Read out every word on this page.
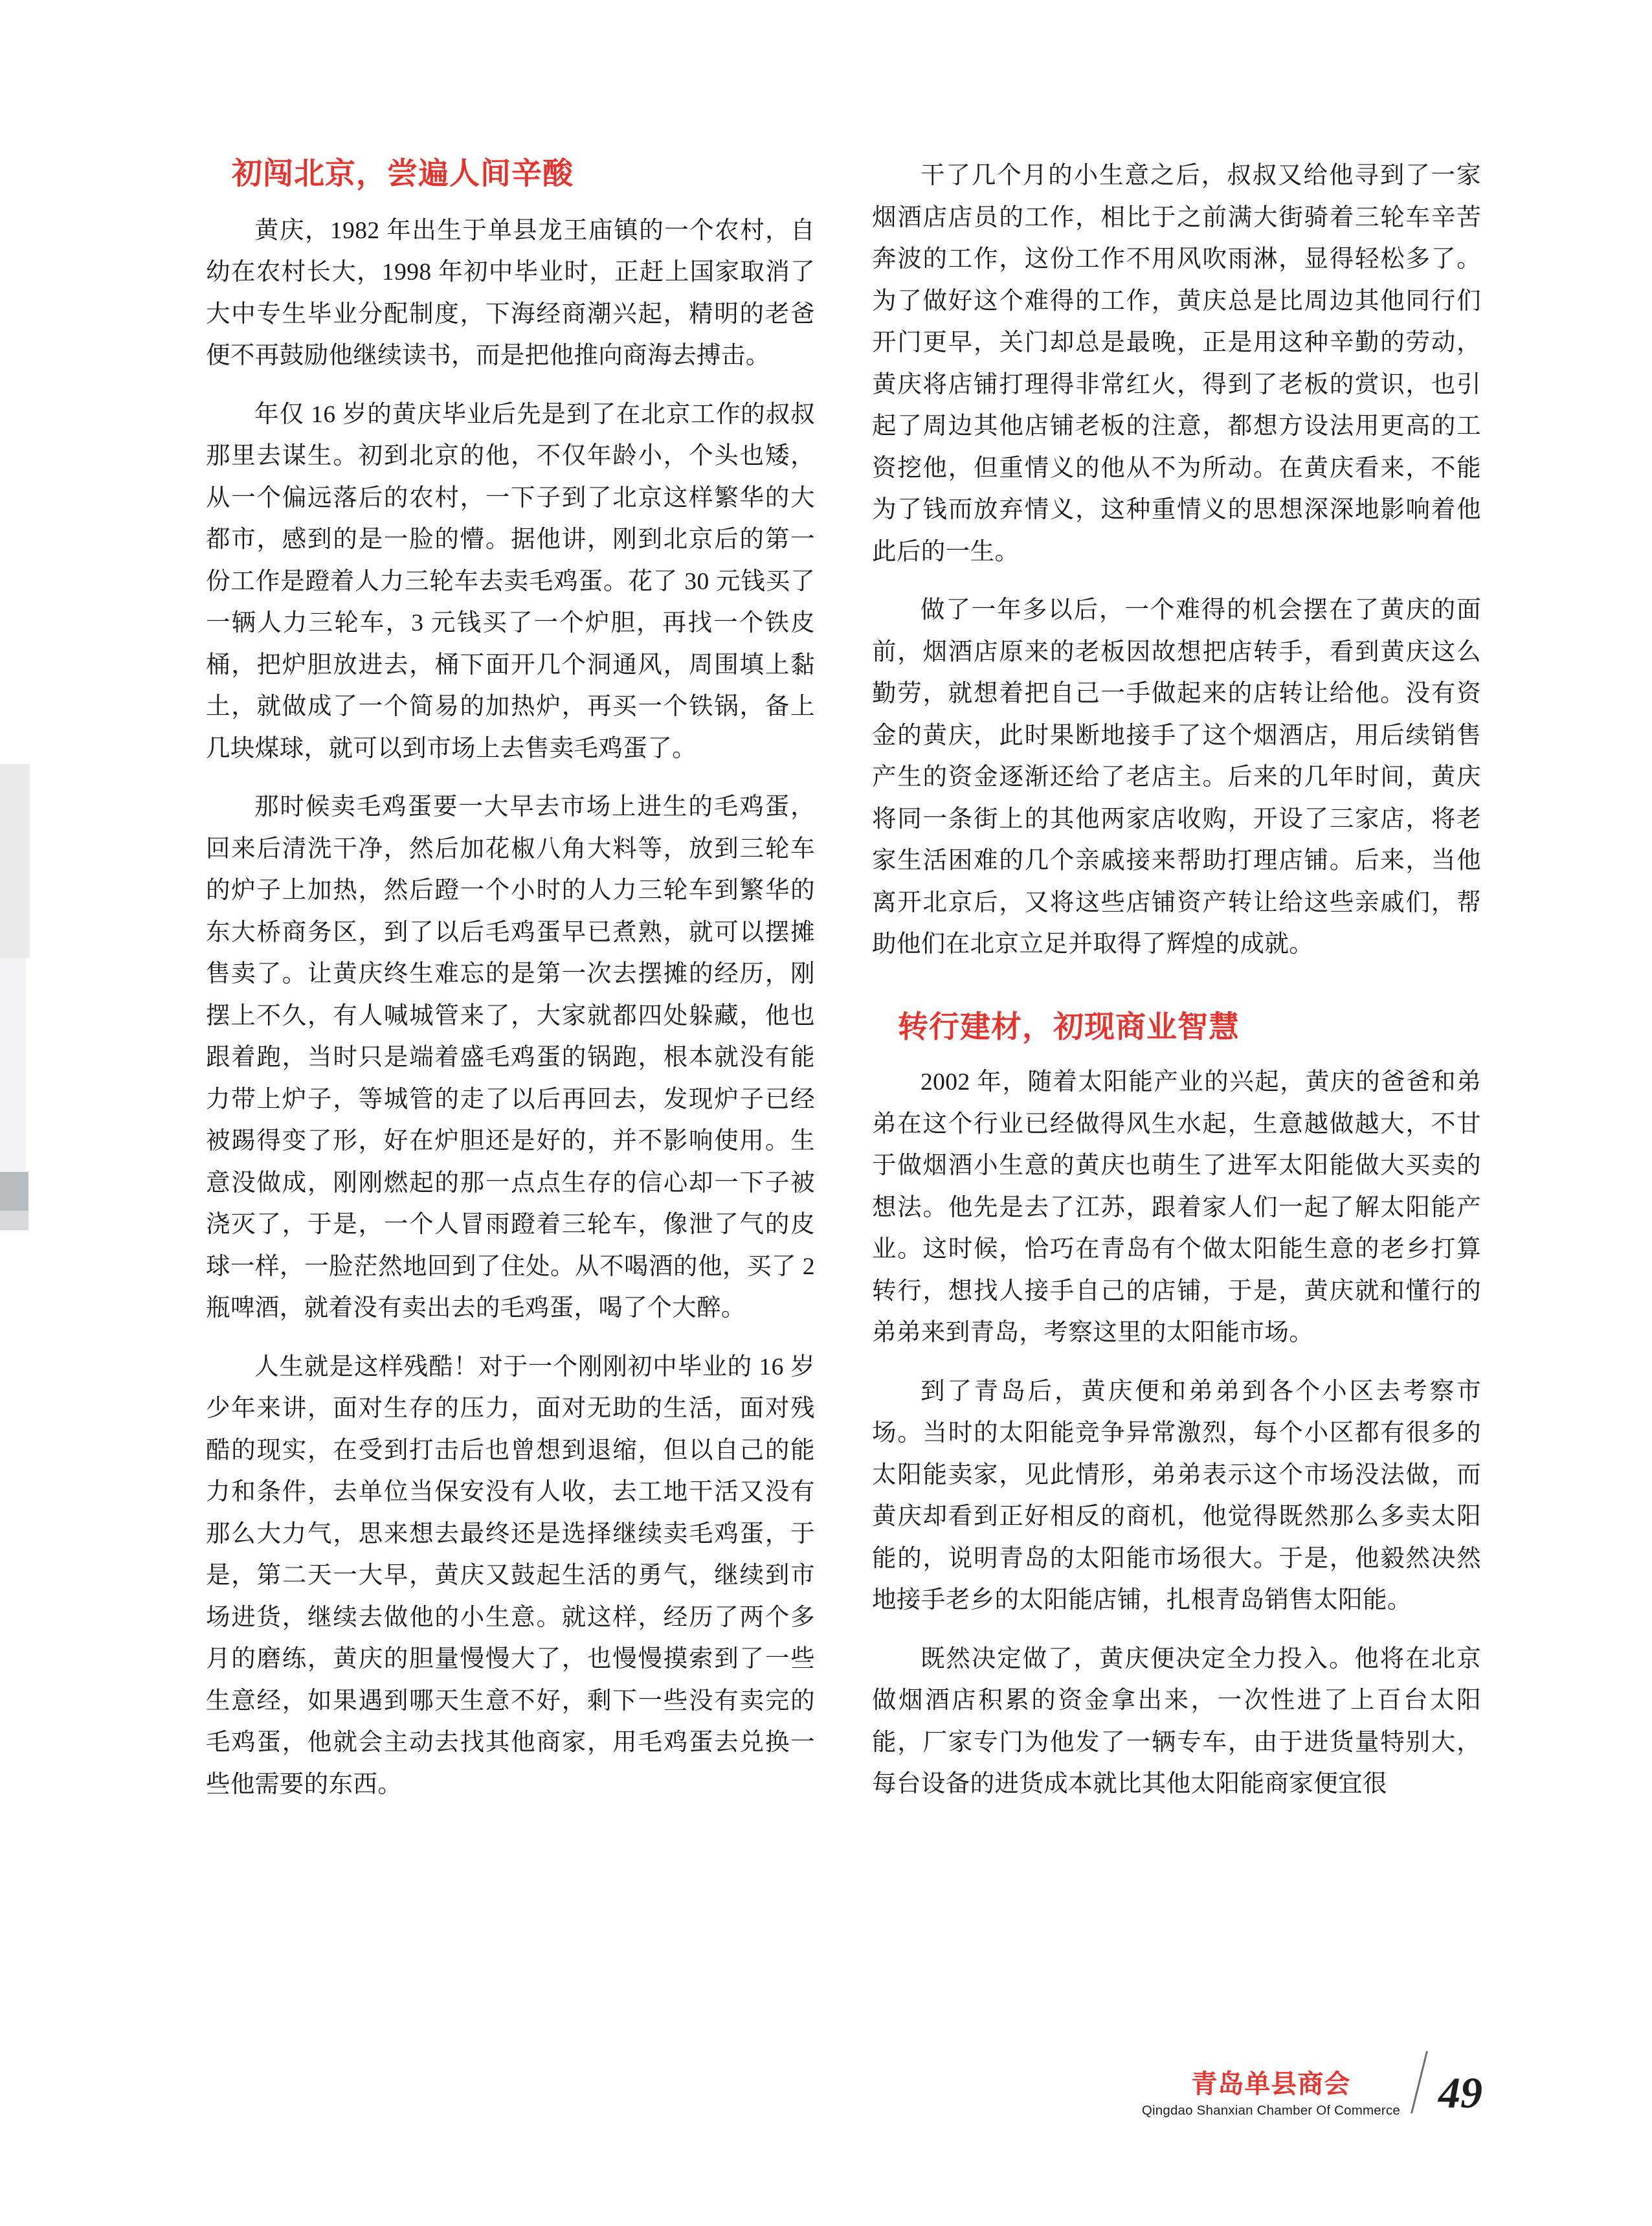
初闯北京，尝遍人间辛酸

黄庆，1982 年出生于单县龙王庙镇的一个农村，自幼在农村长大，1998 年初中毕业时，正赶上国家取消了大中专生毕业分配制度，下海经商潮兴起，精明的老爸便不再鼓励他继续读书，而是把他推向商海去搏击。

年仅 16 岁的黄庆毕业后先是到了在北京工作的叔叔那里去谋生。初到北京的他，不仅年龄小，个头也矮，从一个偏远落后的农村，一下子到了北京这样繁华的大都市，感到的是一脸的懵。据他讲，刚到北京后的第一份工作是蹬着人力三轮车去卖毛鸡蛋。花了 30 元钱买了一辆人力三轮车，3 元钱买了一个炉胆，再找一个铁皮桶，把炉胆放进去，桶下面开几个洞通风，周围填上黏土，就做成了一个简易的加热炉，再买一个铁锅，备上几块煤球，就可以到市场上去售卖毛鸡蛋了。

那时候卖毛鸡蛋要一大早去市场上进生的毛鸡蛋，回来后清洗干净，然后加花椒八角大料等，放到三轮车的炉子上加热，然后蹬一个小时的人力三轮车到繁华的东大桥商务区，到了以后毛鸡蛋早已煮熟，就可以摆摊售卖了。让黄庆终生难忘的是第一次去摆摊的经历，刚摆上不久，有人喊城管来了，大家就都四处躲藏，他也跟着跑，当时只是端着盛毛鸡蛋的锅跑，根本就没有能力带上炉子，等城管的走了以后再回去，发现炉子已经被踢得变了形，好在炉胆还是好的，并不影响使用。生意没做成，刚刚燃起的那一点点生存的信心却一下子被浇灭了，于是，一个人冒雨蹬着三轮车，像泄了气的皮球一样，一脸茫然地回到了住处。从不喝酒的他，买了 2 瓶啤酒，就着没有卖出去的毛鸡蛋，喝了个大醉。

人生就是这样残酷！对于一个刚刚初中毕业的 16 岁少年来讲，面对生存的压力，面对无助的生活，面对残酷的现实，在受到打击后也曾想到退缩，但以自己的能力和条件，去单位当保安没有人收，去工地干活又没有那么大力气，思来想去最终还是选择继续卖毛鸡蛋，于是，第二天一大早，黄庆又鼓起生活的勇气，继续到市场进货，继续去做他的小生意。就这样，经历了两个多月的磨练，黄庆的胆量慢慢大了，也慢慢摸索到了一些生意经，如果遇到哪天生意不好，剩下一些没有卖完的毛鸡蛋，他就会主动去找其他商家，用毛鸡蛋去兑换一些他需要的东西。

干了几个月的小生意之后，叔叔又给他寻到了一家烟酒店店员的工作，相比于之前满大街骑着三轮车辛苦奔波的工作，这份工作不用风吹雨淋，显得轻松多了。为了做好这个难得的工作，黄庆总是比周边其他同行们开门更早，关门却总是最晚，正是用这种辛勤的劳动，黄庆将店铺打理得非常红火，得到了老板的赏识，也引起了周边其他店铺老板的注意，都想方设法用更高的工资挖他，但重情义的他从不为所动。在黄庆看来，不能为了钱而放弃情义，这种重情义的思想深深地影响着他此后的一生。

做了一年多以后，一个难得的机会摆在了黄庆的面前，烟酒店原来的老板因故想把店转手，看到黄庆这么勤劳，就想着把自己一手做起来的店转让给他。没有资金的黄庆，此时果断地接手了这个烟酒店，用后续销售产生的资金逐渐还给了老店主。后来的几年时间，黄庆将同一条街上的其他两家店收购，开设了三家店，将老家生活困难的几个亲戚接来帮助打理店铺。后来，当他离开北京后，又将这些店铺资产转让给这些亲戚们，帮助他们在北京立足并取得了辉煌的成就。

转行建材，初现商业智慧

2002 年，随着太阳能产业的兴起，黄庆的爸爸和弟弟在这个行业已经做得风生水起，生意越做越大，不甘于做烟酒小生意的黄庆也萌生了进军太阳能做大买卖的想法。他先是去了江苏，跟着家人们一起了解太阳能产业。这时候，恰巧在青岛有个做太阳能生意的老乡打算转行，想找人接手自己的店铺，于是，黄庆就和懂行的弟弟来到青岛，考察这里的太阳能市场。

到了青岛后，黄庆便和弟弟到各个小区去考察市场。当时的太阳能竞争异常激烈，每个小区都有很多的太阳能卖家，见此情形，弟弟表示这个市场没法做，而黄庆却看到正好相反的商机，他觉得既然那么多卖太阳能的，说明青岛的太阳能市场很大。于是，他毅然决然地接手老乡的太阳能店铺，扎根青岛销售太阳能。

既然决定做了，黄庆便决定全力投入。他将在北京做烟酒店积累的资金拿出来，一次性进了上百台太阳能，厂家专门为他发了一辆专车，由于进货量特别大，每台设备的进货成本就比其他太阳能商家便宜很

青岛单县商会
Qingdao Shanxian Chamber Of Commerce 49
